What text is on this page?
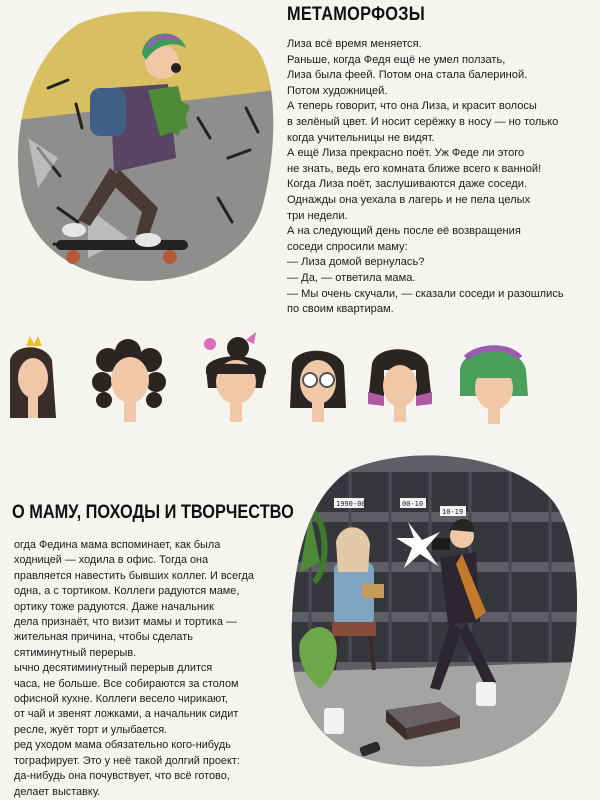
МЕТАМОРФОЗЫ

Лиза всё время меняется.
Раньше, когда Федя ещё не умел ползать,
Лиза была феей. Потом она стала балериной.
Потом художницей.
А теперь говорит, что она Лиза, и красит волосы
в зелёный цвет. И носит серёжку в носу — но только
когда учительницы не видят.
А ещё Лиза прекрасно поёт. Уж Феде ли этого
не знать, ведь его комната ближе всего к ванной!
Когда Лиза поёт, заслушиваются даже соседи.
Однажды она уехала в лагерь и не пела целых
три недели.
А на следующий день после её возвращения
соседи спросили маму:
— Лиза домой вернулась?
— Да, — ответила мама.
— Мы очень скучали, — сказали соседи и разошлись
по своим квартирам.

О МАМУ, ПОХОДЫ И ТВОРЧЕСТВО

огда Федина мама вспоминает, как была
ходницей — ходила в офис. Тогда она
правляется навестить бывших коллег. И всегда
одна, а с тортиком. Коллеги радуются маме,
ортику тоже радуются. Даже начальник
дела признаёт, что визит мамы и тортика —
жительная причина, чтобы сделать
сятиминутный перерыв.
ычно десятиминутный перерыв длится
часа, не больше. Все собираются за столом
офисной кухне. Коллеги весело чирикают,
от чай и звенят ложками, а начальник сидит
ресле, жуёт торт и улыбается.
ред уходом мама обязательно кого-нибудь
тографирует. Это у неё такой долгий проект:
да-нибудь она почувствует, что всё готово,
делает выставку.

1990-00	00-10
10-19
